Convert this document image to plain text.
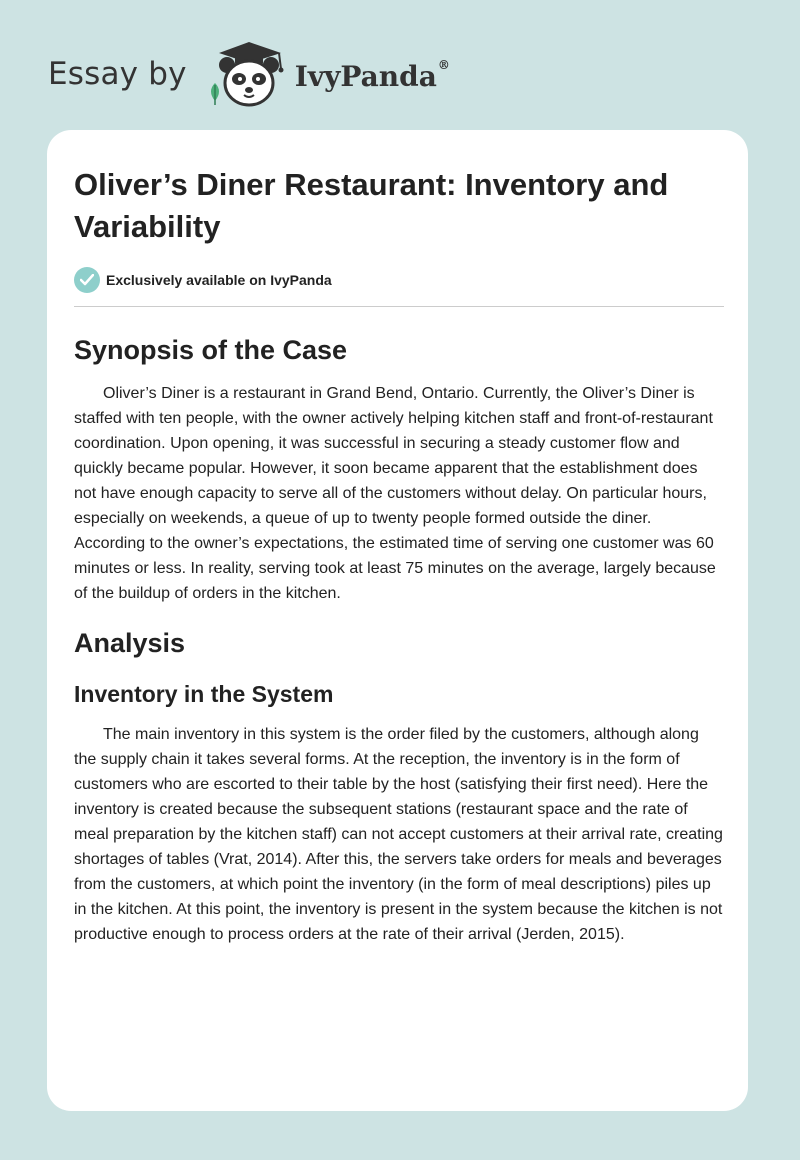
Essay by	IvyPanda®
Oliver’s Diner Restaurant: Inventory and Variability
Exclusively available on IvyPanda
Synopsis of the Case

Oliver’s Diner is a restaurant in Grand Bend, Ontario. Currently, the Oliver’s Diner is staffed with ten people, with the owner actively helping kitchen staff and front-of-restaurant coordination. Upon opening, it was successful in securing a steady customer flow and quickly became popular. However, it soon became apparent that the establishment does not have enough capacity to serve all of the customers without delay. On particular hours, especially on weekends, a queue of up to twenty people formed outside the diner. According to the owner’s expectations, the estimated time of serving one customer was 60 minutes or less. In reality, serving took at least 75 minutes on the average, largely because of the buildup of orders in the kitchen.

Analysis
Inventory in the System

The main inventory in this system is the order filed by the customers, although along the supply chain it takes several forms. At the reception, the inventory is in the form of customers who are escorted to their table by the host (satisfying their first need). Here the inventory is created because the subsequent stations (restaurant space and the rate of meal preparation by the kitchen staff) can not accept customers at their arrival rate, creating shortages of tables (Vrat, 2014). After this, the servers take orders for meals and beverages from the customers, at which point the inventory (in the form of meal descriptions) piles up in the kitchen. At this point, the inventory is present in the system because the kitchen is not productive enough to process orders at the rate of their arrival (Jerden, 2015).
